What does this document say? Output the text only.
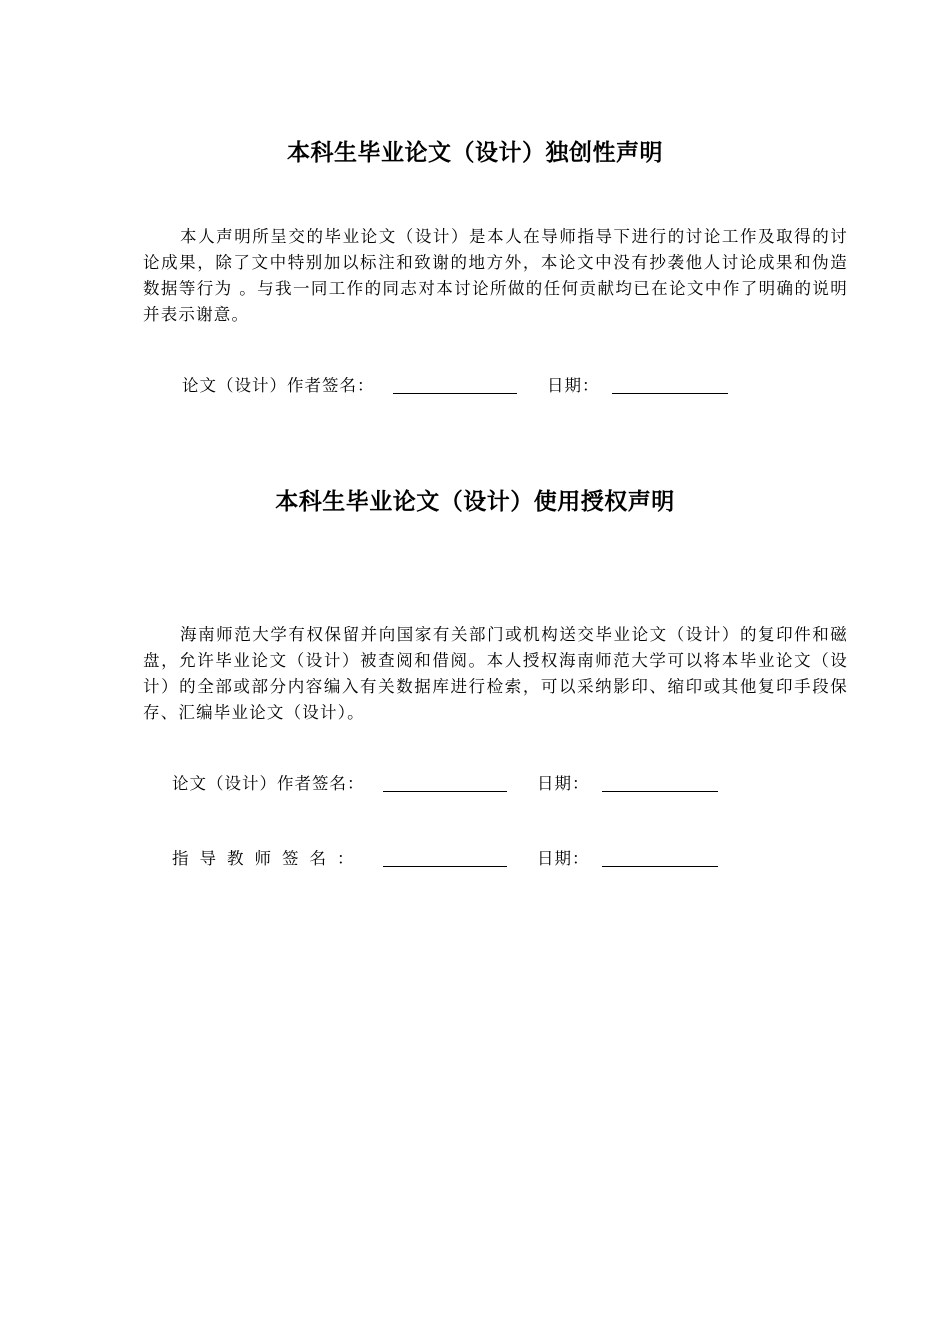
本科生毕业论文（设计）独创性声明

本人声明所呈交的毕业论文（设计）是本人在导师指导下进行的讨论工作及取得的讨论成果，除了文中特别加以标注和致谢的地方外，本论文中没有抄袭他人讨论成果和伪造数据等行为 。与我一同工作的同志对本讨论所做的任何贡献均已在论文中作了明确的说明并表示谢意。

论文（设计）作者签名：	日期：
本科生毕业论文（设计）使用授权声明

海南师范大学有权保留并向国家有关部门或机构送交毕业论文（设计）的复印件和磁盘，允许毕业论文（设计）被查阅和借阅。本人授权海南师范大学可以将本毕业论文（设计）的全部或部分内容编入有关数据库进行检索，可以采纳影印、缩印或其他复印手段保存、汇编毕业论文（设计）。

论文（设计）作者签名：	日期：
指导教师签名：	日期：
